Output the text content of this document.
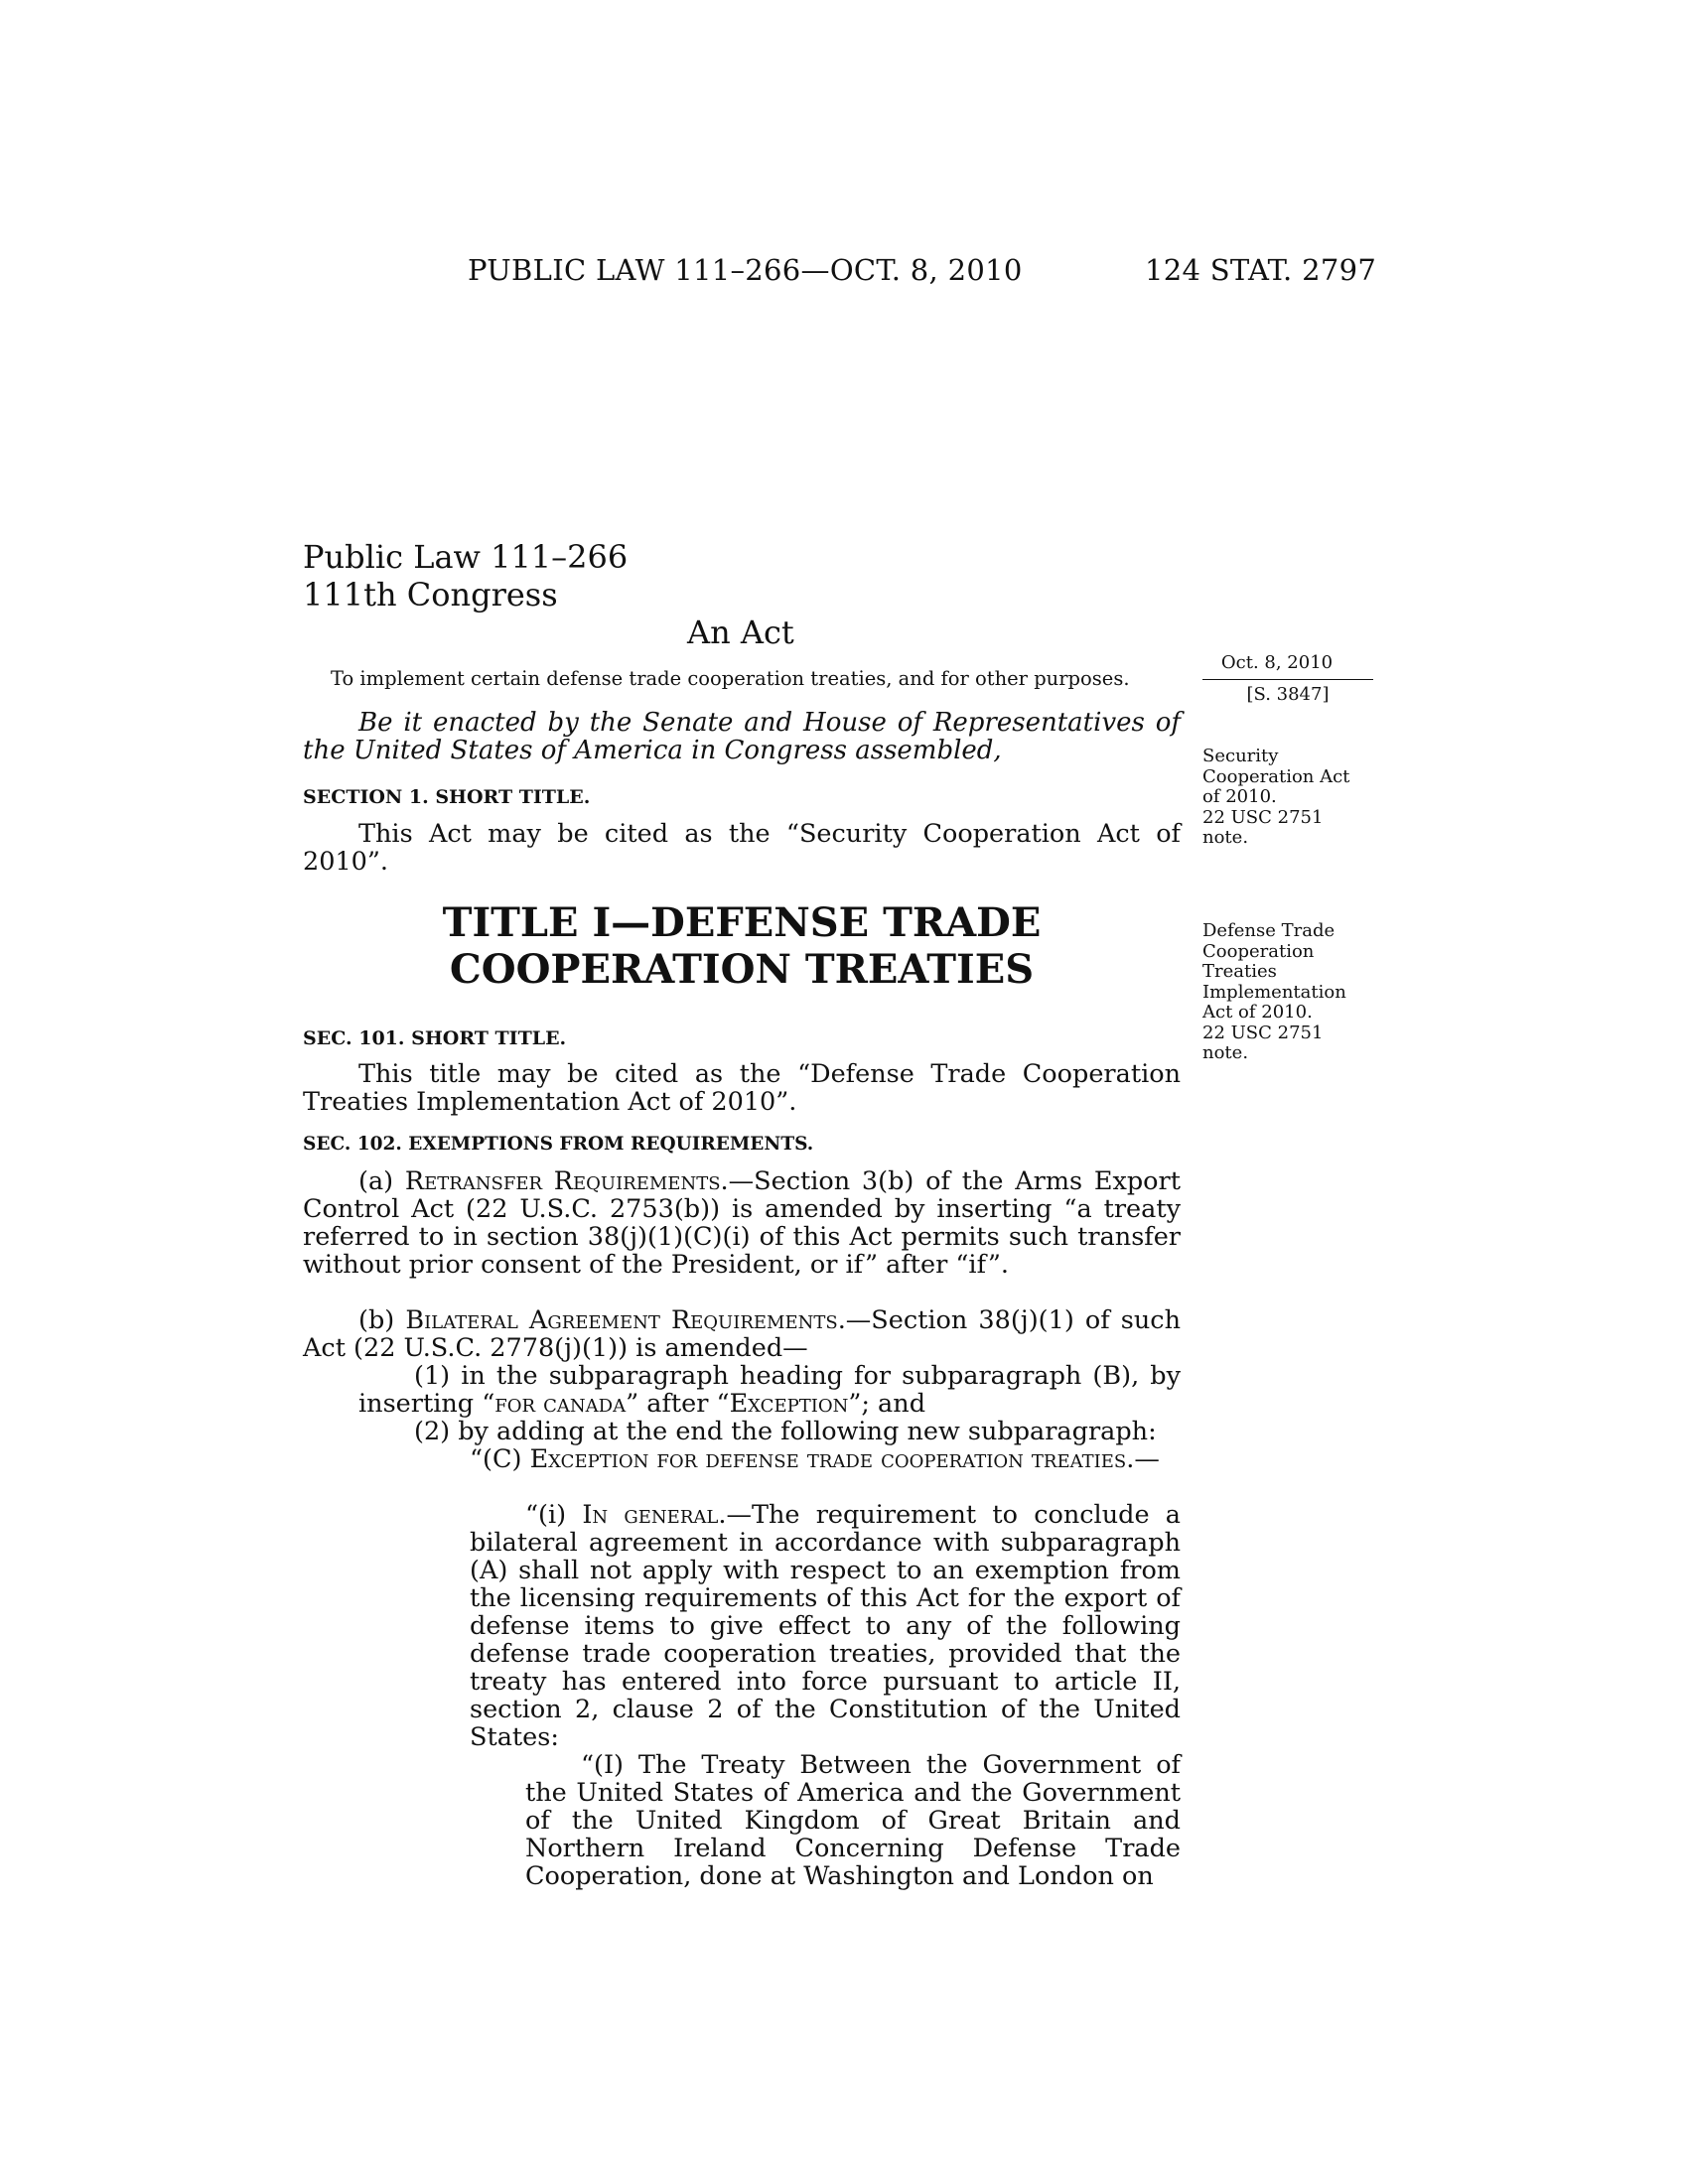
PUBLIC LAW 111–266—OCT. 8, 2010	124 STAT. 2797
Public Law 111–266
111th Congress
An Act
To implement certain defense trade cooperation treaties, and for other purposes.
Oct. 8, 2010
[S. 3847]
Security
Cooperation Act
of 2010.
22 USC 2751
note.
Defense Trade
Cooperation
Treaties
Implementation
Act of 2010.
22 USC 2751
note.
Be it enacted by the Senate and House of Representatives of the United States of America in Congress assembled,
SECTION 1. SHORT TITLE.
This Act may be cited as the “Security Cooperation Act of 2010”.
TITLE I—DEFENSE TRADE
COOPERATION TREATIES
SEC. 101. SHORT TITLE.
This title may be cited as the “Defense Trade Cooperation Treaties Implementation Act of 2010”.
SEC. 102. EXEMPTIONS FROM REQUIREMENTS.
(a) Retransfer Requirements.—Section 3(b) of the Arms Export Control Act (22 U.S.C. 2753(b)) is amended by inserting “a treaty referred to in section 38(j)(1)(C)(i) of this Act permits such transfer without prior consent of the President, or if” after “if”.
(b) Bilateral Agreement Requirements.—Section 38(j)(1) of such Act (22 U.S.C. 2778(j)(1)) is amended—
(1) in the subparagraph heading for subparagraph (B), by inserting “for canada” after “Exception”; and
(2) by adding at the end the following new subparagraph:
“(C) Exception for defense trade cooperation treaties.—
“(i) In general.—The requirement to conclude a bilateral agreement in accordance with subparagraph (A) shall not apply with respect to an exemption from the licensing requirements of this Act for the export of defense items to give effect to any of the following defense trade cooperation treaties, provided that the treaty has entered into force pursuant to article II, section 2, clause 2 of the Constitution of the United States:
“(I) The Treaty Between the Government of the United States of America and the Government of the United Kingdom of Great Britain and Northern Ireland Concerning Defense Trade Cooperation, done at Washington and London on
